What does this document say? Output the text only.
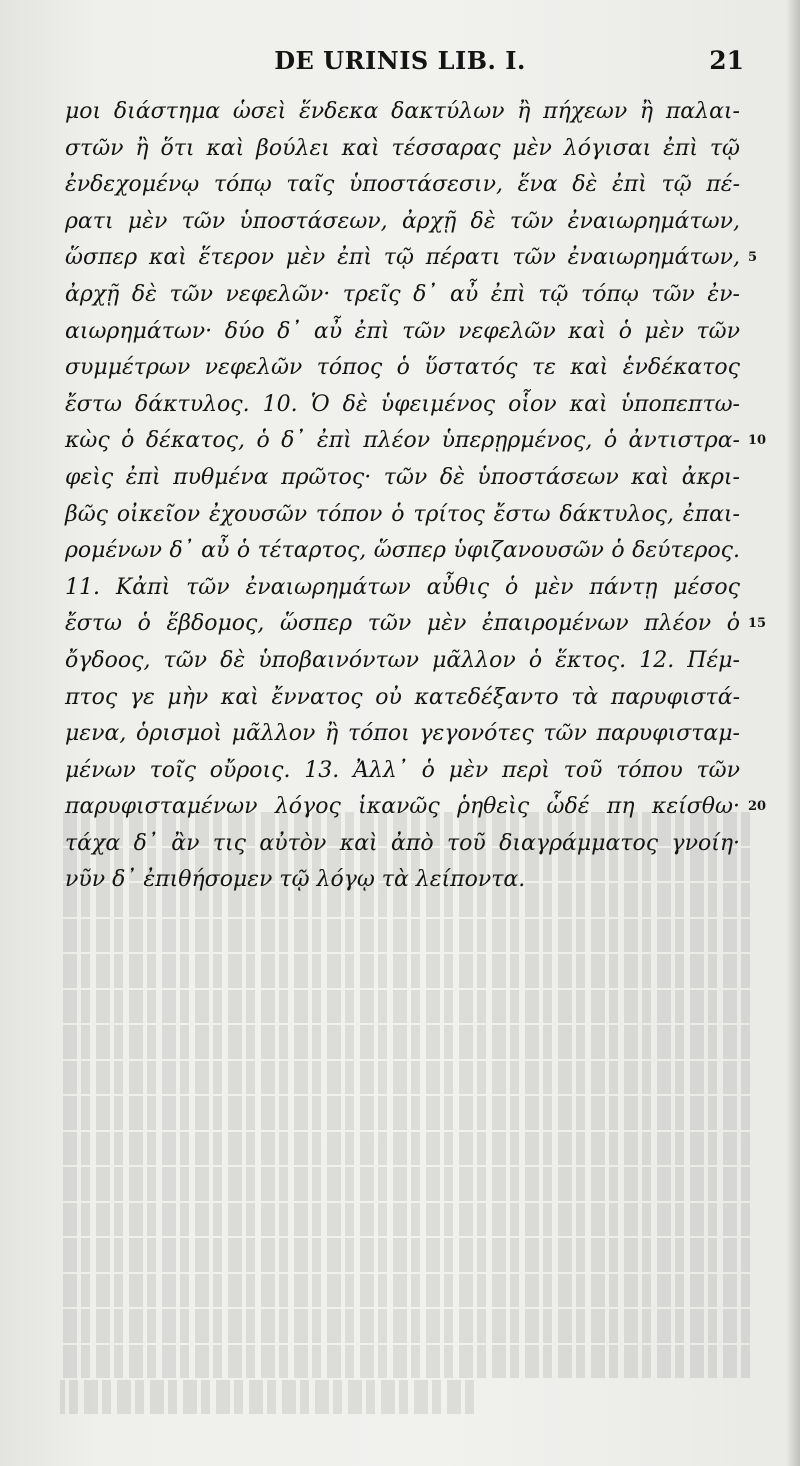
DE URINIS LIB. I.	21
μοι διάστημα ὡσεὶ ἕνδεκα δακτύλων ἢ πήχεων ἢ παλαι-
στῶν ἢ ὅτι καὶ βούλει καὶ τέσσαρας μὲν λόγισαι ἐπὶ τῷ
ἐνδεχομένῳ τόπῳ ταῖς ὑποστάσεσιν, ἕνα δὲ ἐπὶ τῷ πέ-
ρατι μὲν τῶν ὑποστάσεων, ἀρχῇ δὲ τῶν ἐναιωρημάτων,
ὥσπερ καὶ ἕτερον μὲν ἐπὶ τῷ πέρατι τῶν ἐναιωρημάτων, 5
ἀρχῇ δὲ τῶν νεφελῶν· τρεῖς δ᾽ αὖ ἐπὶ τῷ τόπῳ τῶν ἐν-
αιωρημάτων· δύο δ᾽ αὖ ἐπὶ τῶν νεφελῶν καὶ ὁ μὲν τῶν
συμμέτρων νεφελῶν τόπος ὁ ὕστατός τε καὶ ἑνδέκατος
ἔστω δάκτυλος. 10. Ὁ δὲ ὑφειμένος οἷον καὶ ὑποπεπτω-
κὼς ὁ δέκατος, ὁ δ᾽ ἐπὶ πλέον ὑπερῃρμένος, ὁ ἀντιστρα- 10
φεὶς ἐπὶ πυθμένα πρῶτος· τῶν δὲ ὑποστάσεων καὶ ἀκρι-
βῶς οἰκεῖον ἐχουσῶν τόπον ὁ τρίτος ἔστω δάκτυλος, ἐπαι-
ρομένων δ᾽ αὖ ὁ τέταρτος, ὥσπερ ὑφιζανουσῶν ὁ δεύτερος.
11. Κἀπὶ τῶν ἐναιωρημάτων αὖθις ὁ μὲν πάντῃ μέσος
ἔστω ὁ ἕβδομος, ὥσπερ τῶν μὲν ἐπαιρομένων πλέον ὁ 15
ὄγδοος, τῶν δὲ ὑποβαινόντων μᾶλλον ὁ ἕκτος. 12. Πέμ-
πτος γε μὴν καὶ ἔννατος οὐ κατεδέξαντο τὰ παρυφιστά-
μενα, ὁρισμοὶ μᾶλλον ἢ τόποι γεγονότες τῶν παρυφισταμ-
μένων τοῖς οὔροις. 13. Ἀλλ᾽ ὁ μὲν περὶ τοῦ τόπου τῶν
παρυφισταμένων λόγος ἱκανῶς ῥηθεὶς ὧδέ πη κείσθω· 20
τάχα δ᾽ ἂν τις αὐτὸν καὶ ἀπὸ τοῦ διαγράμματος γνοίη·
νῦν δ᾽ ἐπιθήσομεν τῷ λόγῳ τὰ λείποντα.
